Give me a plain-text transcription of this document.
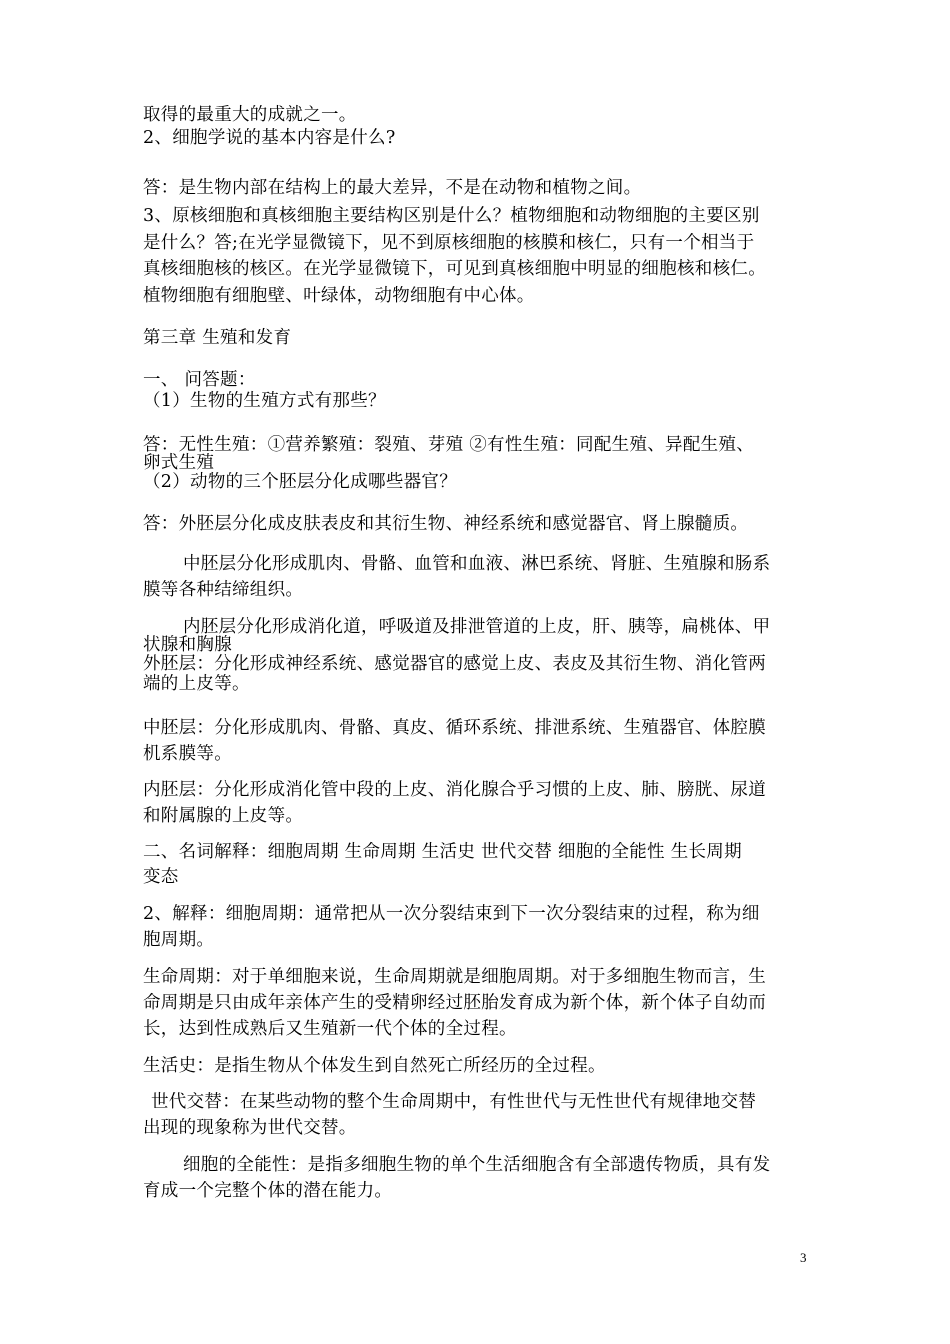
取得的最重大的成就之一。
2、细胞学说的基本内容是什么?
答：是生物内部在结构上的最大差异，不是在动物和植物之间。
3、原核细胞和真核细胞主要结构区别是什么？植物细胞和动物细胞的主要区别
是什么？答;在光学显微镜下，见不到原核细胞的核膜和核仁，只有一个相当于
真核细胞核的核区。在光学显微镜下，可见到真核细胞中明显的细胞核和核仁。
植物细胞有细胞壁、叶绿体，动物细胞有中心体。
第三章 生殖和发育
一、 问答题：
（1）生物的生殖方式有那些？
答：无性生殖：①营养繁殖：裂殖、芽殖 ②有性生殖：同配生殖、异配生殖、
卵式生殖
（2）动物的三个胚层分化成哪些器官？
答：外胚层分化成皮肤表皮和其衍生物、神经系统和感觉器官、肾上腺髓质。
中胚层分化形成肌肉、骨骼、血管和血液、淋巴系统、肾脏、生殖腺和肠系
膜等各种结缔组织。
内胚层分化形成消化道，呼吸道及排泄管道的上皮，肝、胰等，扁桃体、甲
状腺和胸腺
外胚层：分化形成神经系统、感觉器官的感觉上皮、表皮及其衍生物、消化管两
端的上皮等。
中胚层：分化形成肌肉、骨骼、真皮、循环系统、排泄系统、生殖器官、体腔膜
机系膜等。
内胚层：分化形成消化管中段的上皮、消化腺合乎习惯的上皮、肺、膀胱、尿道
和附属腺的上皮等。
二、名词解释：细胞周期 生命周期 生活史 世代交替 细胞的全能性 生长周期
变态
2、解释：细胞周期：通常把从一次分裂结束到下一次分裂结束的过程，称为细
胞周期。
生命周期：对于单细胞来说，生命周期就是细胞周期。对于多细胞生物而言，生
命周期是只由成年亲体产生的受精卵经过胚胎发育成为新个体，新个体子自幼而
长，达到性成熟后又生殖新一代个体的全过程。
生活史：是指生物从个体发生到自然死亡所经历的全过程。
世代交替：在某些动物的整个生命周期中，有性世代与无性世代有规律地交替
出现的现象称为世代交替。
细胞的全能性：是指多细胞生物的单个生活细胞含有全部遗传物质，具有发
育成一个完整个体的潜在能力。
3
